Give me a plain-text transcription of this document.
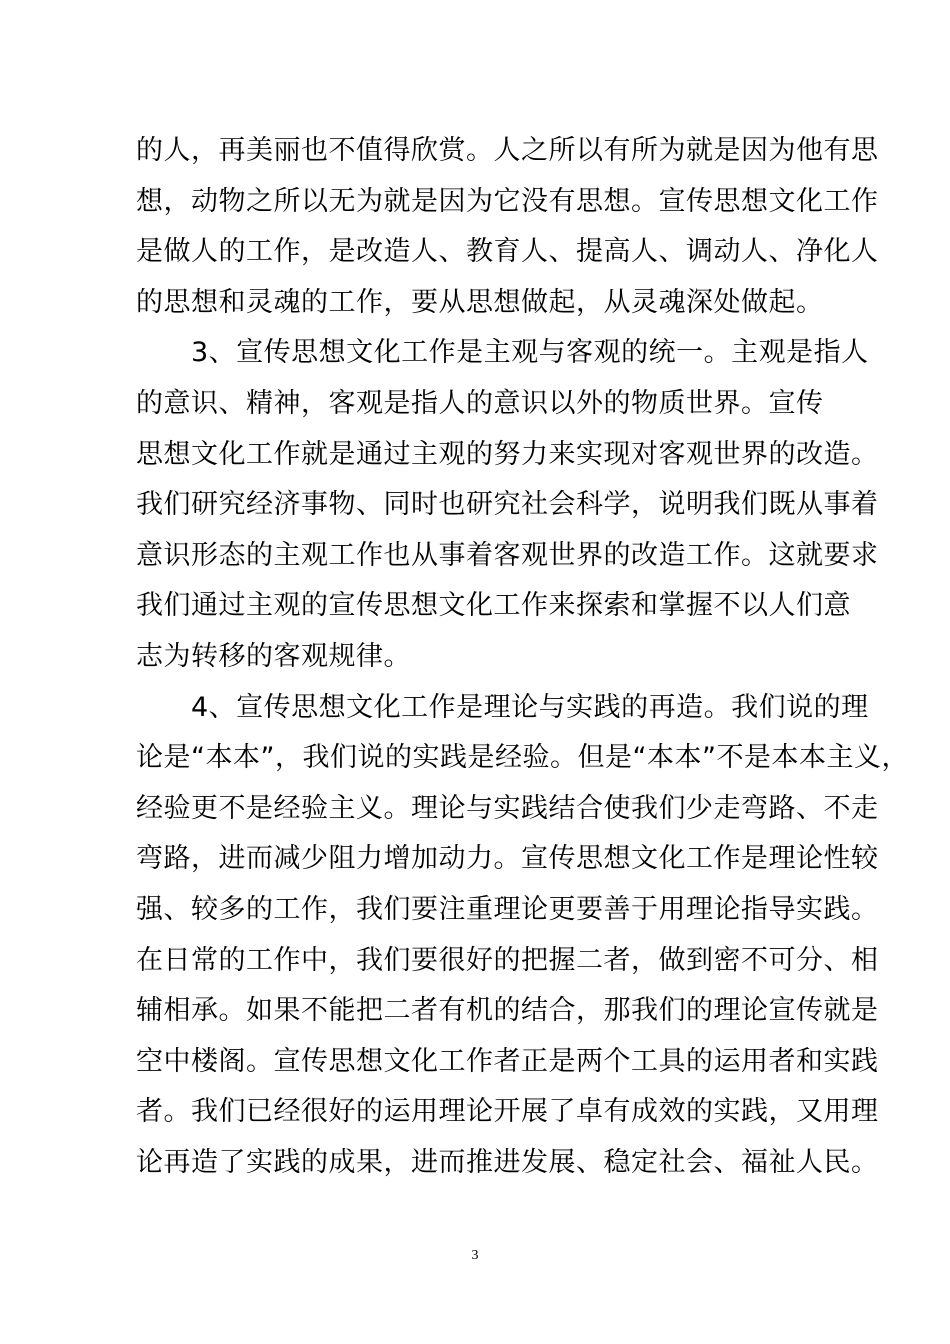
的人，再美丽也不值得欣赏。人之所以有所为就是因为他有思
想，动物之所以无为就是因为它没有思想。宣传思想文化工作
是做人的工作，是改造人、教育人、提高人、调动人、净化人
的思想和灵魂的工作，要从思想做起，从灵魂深处做起。
　　3、宣传思想文化工作是主观与客观的统一。主观是指人
的意识、精神，客观是指人的意识以外的物质世界。宣传
思想文化工作就是通过主观的努力来实现对客观世界的改造。
我们研究经济事物、同时也研究社会科学，说明我们既从事着
意识形态的主观工作也从事着客观世界的改造工作。这就要求
我们通过主观的宣传思想文化工作来探索和掌握不以人们意
志为转移的客观规律。
　　4、宣传思想文化工作是理论与实践的再造。我们说的理
论是“本本”，我们说的实践是经验。但是“本本”不是本本主义，
经验更不是经验主义。理论与实践结合使我们少走弯路、不走
弯路，进而减少阻力增加动力。宣传思想文化工作是理论性较
强、较多的工作，我们要注重理论更要善于用理论指导实践。
在日常的工作中，我们要很好的把握二者，做到密不可分、相
辅相承。如果不能把二者有机的结合，那我们的理论宣传就是
空中楼阁。宣传思想文化工作者正是两个工具的运用者和实践
者。我们已经很好的运用理论开展了卓有成效的实践，又用理
论再造了实践的成果，进而推进发展、稳定社会、福祉人民。
3
